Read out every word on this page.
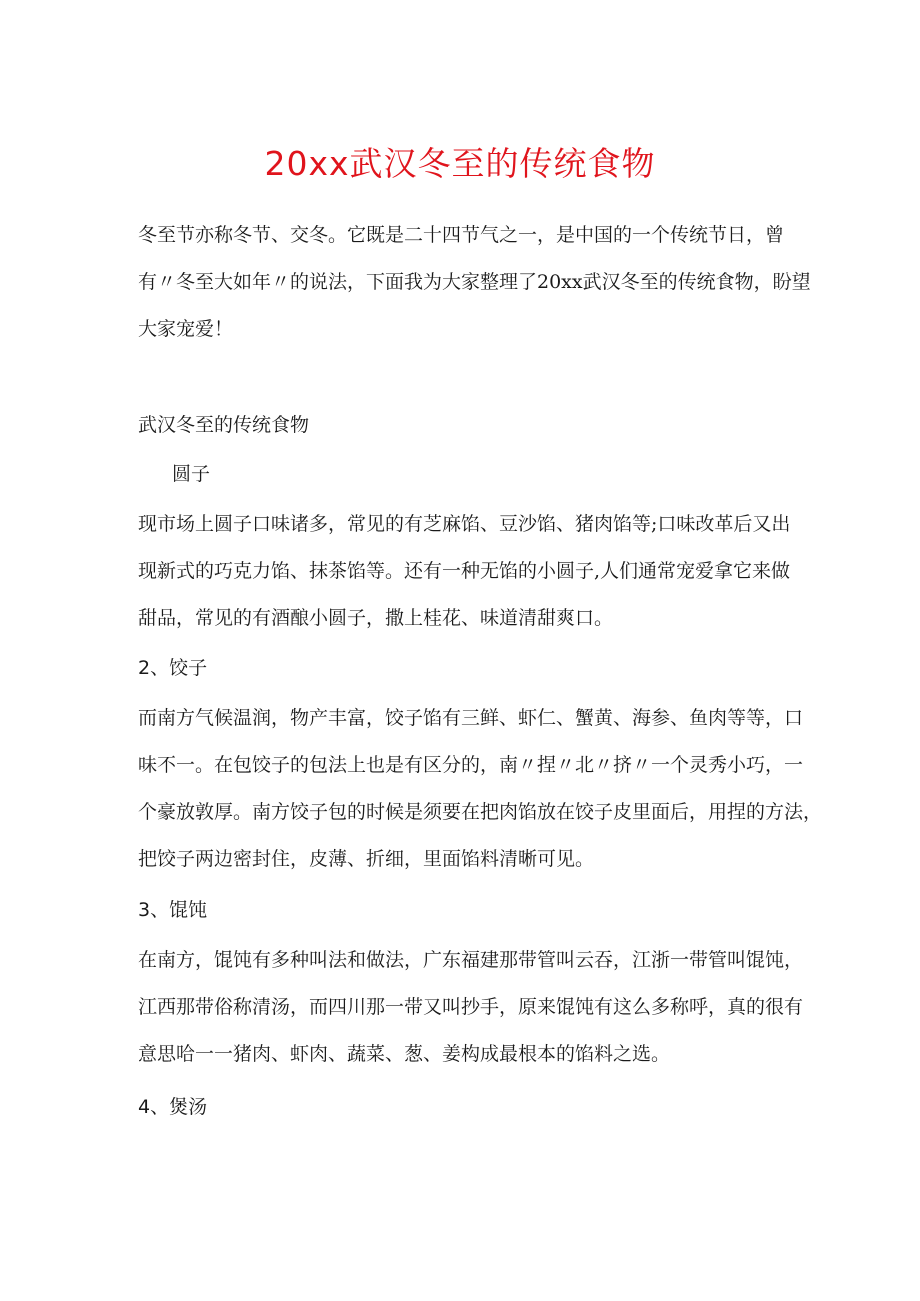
20xx武汉冬至的传统食物

冬至节亦称冬节、交冬。它既是二十四节气之一，是中国的一个传统节日，曾
有〃冬至大如年〃的说法，下面我为大家整理了20xx武汉冬至的传统食物，盼望
大家宠爱！

武汉冬至的传统食物
圆子

现市场上圆子口味诸多，常见的有芝麻馅、豆沙馅、猪肉馅等;口味改革后又出
现新式的巧克力馅、抹茶馅等。还有一种无馅的小圆子,人们通常宠爱拿它来做
甜品，常见的有酒酿小圆子，撒上桂花、味道清甜爽口。

2、饺子

而南方气候温润，物产丰富，饺子馅有三鲜、虾仁、蟹黄、海参、鱼肉等等，口
味不一。在包饺子的包法上也是有区分的，南〃捏〃北〃挤〃一个灵秀小巧，一
个豪放敦厚。南方饺子包的时候是须要在把肉馅放在饺子皮里面后，用捏的方法，
把饺子两边密封住，皮薄、折细，里面馅料清晰可见。

3、馄饨

在南方，馄饨有多种叫法和做法，广东福建那带管叫云吞，江浙一带管叫馄饨，
江西那带俗称清汤，而四川那一带又叫抄手，原来馄饨有这么多称呼，真的很有
意思哈一一猪肉、虾肉、蔬菜、葱、姜构成最根本的馅料之选。

4、煲汤
